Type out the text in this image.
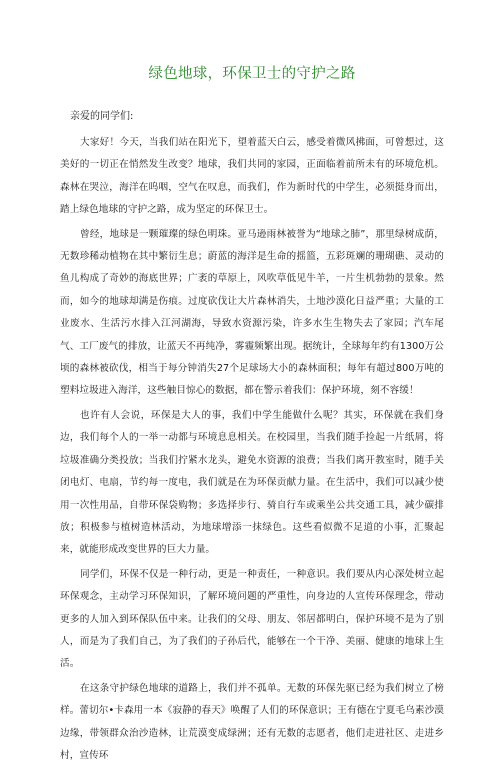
绿色地球，环保卫士的守护之路
亲爱的同学们:

大家好！今天，当我们站在阳光下，望着蓝天白云，感受着微风拂面，可曾想过，这美好的一切正在悄然发生改变？地球，我们共同的家园，正面临着前所未有的环境危机。森林在哭泣，海洋在呜咽，空气在叹息，而我们，作为新时代的中学生，必须挺身而出，踏上绿色地球的守护之路，成为坚定的环保卫士。

曾经，地球是一颗璀璨的绿色明珠。亚马逊雨林被誉为“地球之肺”，那里绿树成荫，无数珍稀动植物在其中繁衍生息；蔚蓝的海洋是生命的摇篮，五彩斑斓的珊瑚礁、灵动的鱼儿构成了奇妙的海底世界；广袤的草原上，风吹草低见牛羊，一片生机勃勃的景象。然而，如今的地球却满是伤痕。过度砍伐让大片森林消失，土地沙漠化日益严重；大量的工业废水、生活污水排入江河湖海，导致水资源污染，许多水生生物失去了家园；汽车尾气、工厂废气的排放，让蓝天不再纯净，雾霾频繁出现。据统计，全球每年约有1300万公顷的森林被砍伐，相当于每分钟消失27个足球场大小的森林面积；每年有超过800万吨的塑料垃圾进入海洋，这些触目惊心的数据，都在警示着我们：保护环境，刻不容缓！

也许有人会说，环保是大人的事，我们中学生能做什么呢？其实，环保就在我们身边，我们每个人的一举一动都与环境息息相关。在校园里，当我们随手捡起一片纸屑，将垃圾准确分类投放；当我们拧紧水龙头，避免水资源的浪费；当我们离开教室时，随手关闭电灯、电扇，节约每一度电，我们就是在为环保贡献力量。在生活中，我们可以减少使用一次性用品，自带环保袋购物；多选择步行、骑自行车或乘坐公共交通工具，减少碳排放；积极参与植树造林活动，为地球增添一抹绿色。这些看似微不足道的小事，汇聚起来，就能形成改变世界的巨大力量。

同学们，环保不仅是一种行动，更是一种责任，一种意识。我们要从内心深处树立起环保观念，主动学习环保知识，了解环境问题的严重性，向身边的人宣传环保理念，带动更多的人加入到环保队伍中来。让我们的父母、朋友、邻居都明白，保护环境不是为了别人，而是为了我们自己，为了我们的子孙后代，能够在一个干净、美丽、健康的地球上生活。

在这条守护绿色地球的道路上，我们并不孤单。无数的环保先驱已经为我们树立了榜样。蕾切尔•卡森用一本《寂静的春天》唤醒了人们的环保意识；王有德在宁夏毛乌素沙漠边缘，带领群众治沙造林，让荒漠变成绿洲；还有无数的志愿者，他们走进社区、走进乡村，宣传环
